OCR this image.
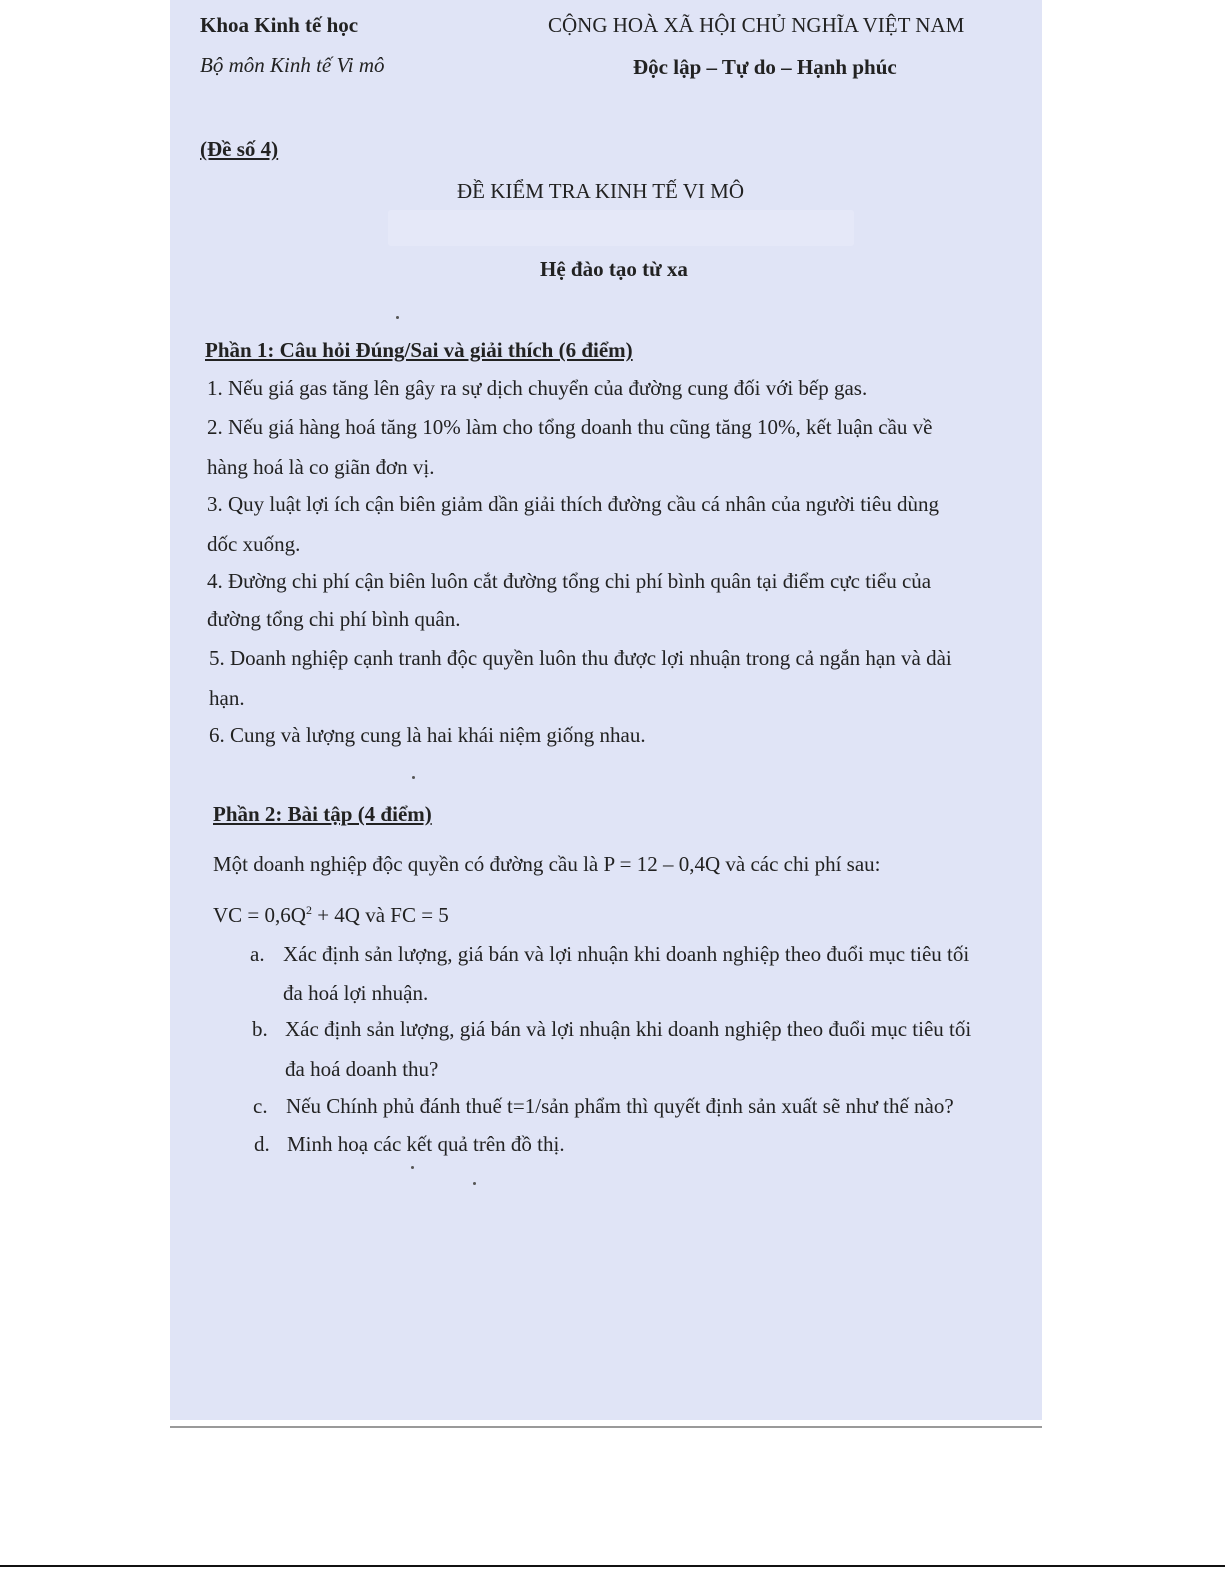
Khoa Kinh tế học
Bộ môn Kinh tế Vi mô
CỘNG HOÀ XÃ HỘI CHỦ NGHĨA VIỆT NAM
Độc lập – Tự do – Hạnh phúc
(Đề số 4)
ĐỀ KIỂM TRA KINH TẾ VI MÔ
Hệ đào tạo từ xa
Phần 1: Câu hỏi Đúng/Sai và giải thích (6 điểm)
1. Nếu giá gas tăng lên gây ra sự dịch chuyển của đường cung đối với bếp gas.
2. Nếu giá hàng hoá tăng 10% làm cho tổng doanh thu cũng tăng 10%, kết luận cầu về
hàng hoá là co giãn đơn vị.
3. Quy luật lợi ích cận biên giảm dần giải thích đường cầu cá nhân của người tiêu dùng
dốc xuống.
4. Đường chi phí cận biên luôn cắt đường tổng chi phí bình quân tại điểm cực tiểu của
đường tổng chi phí bình quân.
5. Doanh nghiệp cạnh tranh độc quyền luôn thu được lợi nhuận trong cả ngắn hạn và dài
hạn.
6. Cung và lượng cung là hai khái niệm giống nhau.
Phần 2: Bài tập (4 điểm)
Một doanh nghiệp độc quyền có đường cầu là P = 12 – 0,4Q và các chi phí sau:
VC = $0,6Q^2 + 4Q$ và FC = 5
a. Xác định sản lượng, giá bán và lợi nhuận khi doanh nghiệp theo đuổi mục tiêu tối
đa hoá lợi nhuận.
b. Xác định sản lượng, giá bán và lợi nhuận khi doanh nghiệp theo đuổi mục tiêu tối
đa hoá doanh thu?
c. Nếu Chính phủ đánh thuế t=1/sản phẩm thì quyết định sản xuất sẽ như thế nào?
d. Minh hoạ các kết quả trên đồ thị.
